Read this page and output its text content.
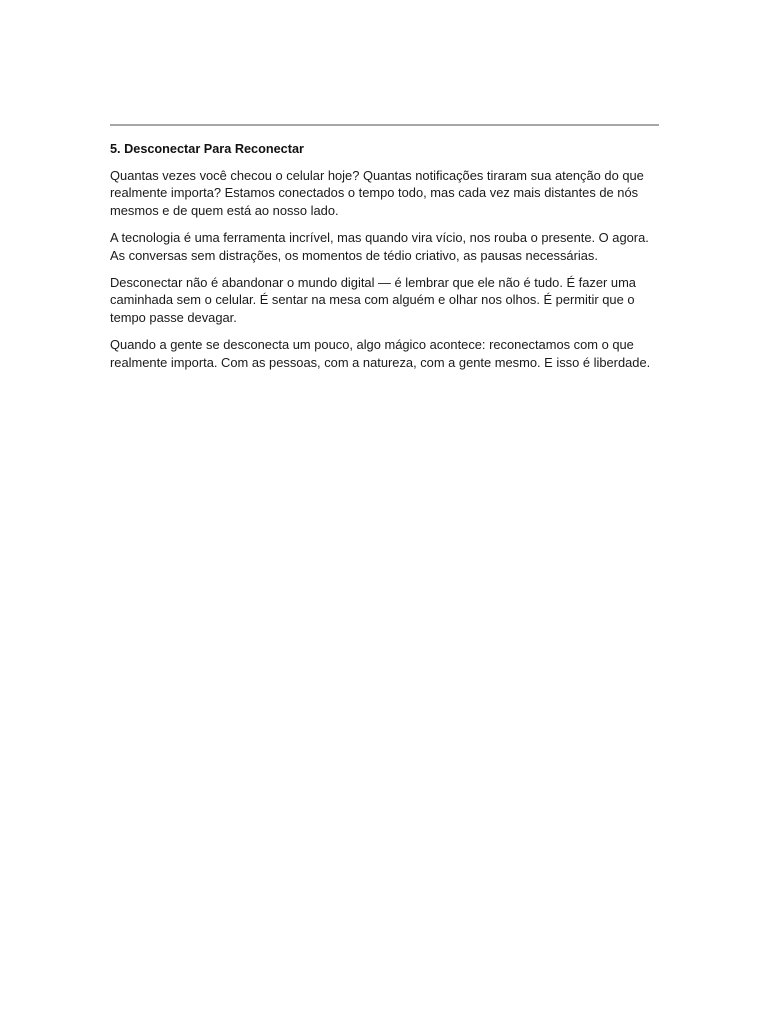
5. Desconectar Para Reconectar

Quantas vezes você checou o celular hoje? Quantas notificações tiraram sua atenção do que realmente importa? Estamos conectados o tempo todo, mas cada vez mais distantes de nós mesmos e de quem está ao nosso lado.

A tecnologia é uma ferramenta incrível, mas quando vira vício, nos rouba o presente. O agora. As conversas sem distrações, os momentos de tédio criativo, as pausas necessárias.

Desconectar não é abandonar o mundo digital — é lembrar que ele não é tudo. É fazer uma caminhada sem o celular. É sentar na mesa com alguém e olhar nos olhos. É permitir que o tempo passe devagar.

Quando a gente se desconecta um pouco, algo mágico acontece: reconectamos com o que realmente importa. Com as pessoas, com a natureza, com a gente mesmo. E isso é liberdade.
